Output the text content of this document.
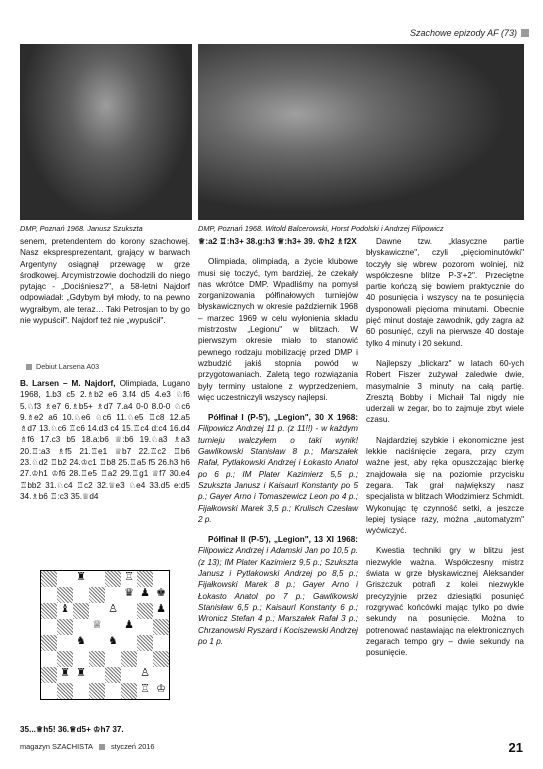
Szachowe epizody AF (73)
DMP, Poznań 1968. Janusz Szukszta	DMP, Poznań 1968. Witold Balcerowski, Horst Podolski i Andrzej Filipowicz

senem, pretendentem do korony szachowej. Nasz ekspresprezentant, grający w barwach Argentyny osiągnął przewagę w grze środkowej. Arcymistrzowie dochodzili do niego pytając - „Dociśniesz?", a 58-letni Najdorf odpowiadał: „Gdybym był młody, to na pewno wygrałbym, ale teraz… Taki Petrosjan to by go nie wypuścił". Najdorf też nie „wypuścił".

Debiut Larsena A03
B. Larsen – M. Najdorf, Olimpiada, Lugano 1968, 1.b3 c5 2.♗b2 e6 3.f4 d5 4.e3 ♘f6 5.♘f3 ♗e7 6.♗b5+ ♗d7 7.a4 0-0 8.0-0 ♘c6 9.♗e2 a6 10.♘e6 ♘c6 11.♘e5 ♖c8 12.a5 ♗d7 13.♘c6 ♖c6 14.d3 c4 15.♖c4 d:c4 16.d4 ♗f6 17.c3 b5 18.a:b6 ♕:b6 19.♘a3 ♗a3 20.♖:a3 ♗f5 21.♖e1 ♕b7 22.♖c2 ♖b6 23.♘d2 ♖b2 24.♔c1 ♖b8 25.♖a5 f5 26.h3 h6 27.♔h1 ♔f6 28.♖e5 ♖a2 29.♖g1 ♕f7 30.e4 ♖bb2 31.♘c4 ♖c2 32.♕e3 ♘e4 33.d5 e:d5 34.♗b6 ♖:c3 35.♕d4
♜	♖
♛ ♟ ♚
♝	♙	♟
♕ ♟
♞ ♞
♜ ♜	♙
♖ ♔
35...♕h5! 36.♕d5+ ♔h7 37.

♕:a2 ♖:h3+ 38.g:h3 ♕:h3+ 39. ♔h2 ♗f2X

Olimpiada, olimpiadą, a życie klubowe musi się toczyć, tym bardziej, że czekały nas wkrótce DMP. Wpadliśmy na pomysł zorganizowania półfinałowych turniejów błyskawicznych w okresie październik 1968 – marzec 1969 w celu wyłonienia składu mistrzostw „Legionu" w blitzach. W pierwszym okresie miało to stanowić pewnego rodzaju mobilizację przed DMP i wzbudzić jakiś stopnia powód w przygotowaniach. Zaletą tego rozwiązania były terminy ustalone z wyprzedzeniem, więc uczestniczyli wszyscy najlepsi.

Półfinał I (P-5'), „Legion", 30 X 1968: Filipowicz Andrzej 11 p. (z 11!!) - w każdym turnieju walczyłem o taki wynik! Gawlikowski Stanisław 8 p.; Marszałek Rafał, Pytlakowski Andrzej i Łokasto Anatol po 6 p.; IM Plater Kazimierz 5,5 p.; Szukszta Janusz i Kaisaurl Konstanty po 5 p.; Gayer Arno i Tomaszewicz Leon po 4 p.; Fijałkowski Marek 3,5 p.; Krulisch Czesław 2 p.

Półfinał II (P-5'), „Legion", 13 XI 1968: Filipowicz Andrzej i Adamski Jan po 10,5 p.(z 13); IM Plater Kazimierz 9,5 p.; Szukszta Janusz i Pytlakowski Andrzej po 8,5 p.; Fijałkowski Marek 8 p.; Gayer Arno i Łokasto Anatol po 7 p.; Gawlikowski Stanisław 6,5 p.; Kaisaurl Konstanty 6 p.; Wronicz Stefan 4 p.; Marszałek Rafał 3 p.; Chrzanowski Ryszard i Kociszewski Andrzej po 1 p.

Dawne tzw. „klasyczne partie błyskawiczne", czyli „pięciominutówki" toczyły się wbrew pozorom wolniej, niż współczesne blitze P-3'+2". Przeciętne partie kończą się bowiem praktycznie do 40 posunięcia i wszyscy na te posunięcia dysponowali pięcioma minutami. Obecnie pięć minut dostaje zawodnik, gdy zagra aż 60 posunięć, czyli na pierwsze 40 dostaje tylko 4 minuty i 20 sekund.

Najlepszy „blickarz" w latach 60-ych Robert Fiszer zużywał zaledwie dwie, masymalnie 3 minuty na całą partię. Zresztą Bobby i Michaił Tal nigdy nie uderzali w zegar, bo to zajmuje zbyt wiele czasu.

Najdardziej szybkie i ekonomiczne jest lekkie naciśnięcie zegara, przy czym ważne jest, aby ręka opuszczając bierkę znajdowała się na poziomie przycisku zegara. Tak grał największy nasz specjalista w blitzach Włodzimierz Schmidt. Wykonując tę czynność setki, a jeszcze lepiej tysiące razy, można „automatyzm" wyćwiczyć.

Kwestia techniki gry w blitzu jest niezwykle ważna. Współczesny mistrz świata w grze błyskawicznej Aleksander Griszczuk potrafi z kolei niezwykle precyzyjnie przez dziesiątki posunięć rozgrywać końcówki mając tylko po dwie sekundy na posunięcie. Można to potrenować nastawiając na elektronicznych zegarach tempo gry – dwie sekundy na posunięcie.

magazyn SZACHISTA styczeń 2016	21
